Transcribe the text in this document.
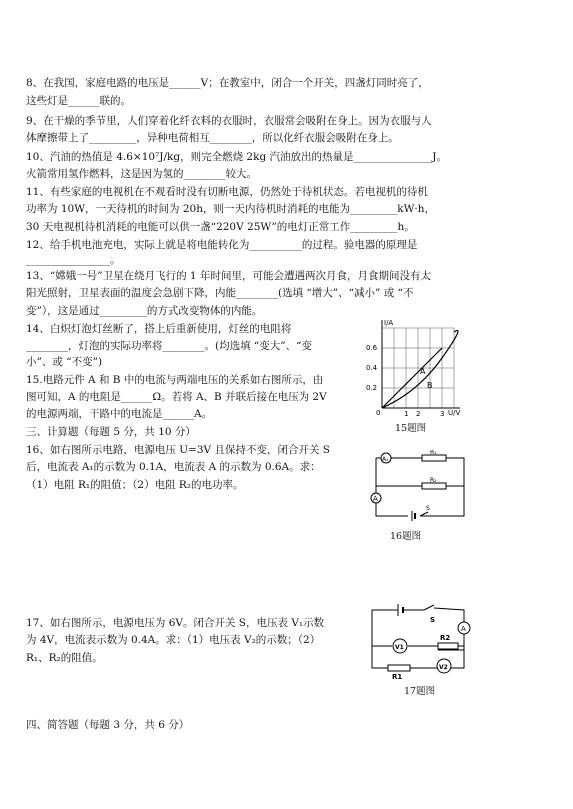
8、在我国，家庭电路的电压是______V；在教室中，闭合一个开关，四盏灯同时亮了，
这些灯是______联的。
9、在干燥的季节里，人们穿着化纤衣料的衣服时，衣服常会吸附在身上。因为衣服与人
体摩擦带上了_________，异种电荷相互________，所以化纤衣服会吸附在身上。
10、汽油的热值是 4.6×10⁷J/kg，则完全燃烧 2kg 汽油放出的热量是_______________J。
火箭常用氢作燃料，这是因为氢的________较大。
11、有些家庭的电视机在不观看时没有切断电源，仍然处于待机状态。若电视机的待机
功率为 10W，一天待机的时间为 20h，则一天内待机时消耗的电能为_________kW·h，
30 天电视机待机消耗的电能可以供一盏“220V 25W”的电灯正常工作_________h。
12、给手机电池充电，实际上就是将电能转化为__________的过程。验电器的原理是
________________。
13、“嫦娥一号”卫星在绕月飞行的 1 年时间里，可能会遭遇两次月食，月食期间没有太
阳光照射，卫星表面的温度会急剧下降，内能________(选填 “增大”、“减小” 或 “不
变”），这是通过_________的方式改变物体的内能。
14、白炽灯泡灯丝断了，搭上后重新使用，灯丝的电阻将
________，灯泡的实际功率将________。(均选填 “变大”、“变
小”、或 “不变”)
15.电路元件 A 和 B 中的电流与两端电压的关系如右图所示，由
图可知，A 的电阻是______Ω。若将 A、B 并联后接在电压为 2V
的电源两端，干路中的电流是______A。
三、计算题（每题 5 分，共 10 分）
16、如右图所示电路，电源电压 U=3V 且保持不变，闭合开关 S
后，电流表 A₁的示数为 0.1A，电流表 A 的示数为 0.6A。求：
（1）电阻 R₁的阻值；（2）电阻 R₂的电功率。
17、如右图所示，电源电压为 6V。闭合开关 S，电压表 V₁示数
为 4V，电流表示数为 0.4A。求：（1）电压表 V₂的示数；（2）
R₁、R₂的阻值。
四、简答题（每题 3 分，共 6 分）
I/A
U/V
0.6
0.4
0.2
0	1 2	3
A
B
15题图
A₁
R₁
R₂
A
S
16题图
S
A
V1
R2
V2
R1
17题图
